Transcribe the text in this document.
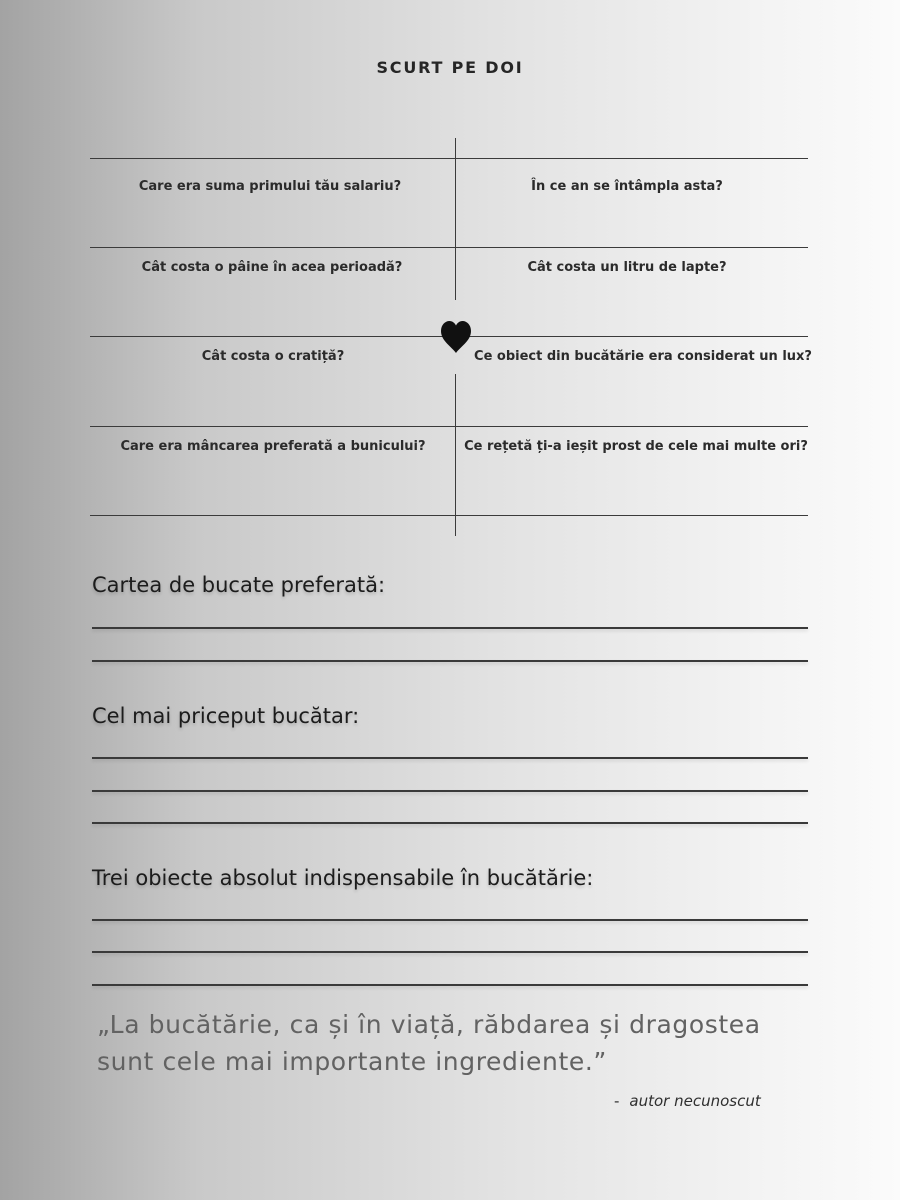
SCURT PE DOI
Care era suma primului tău salariu?	În ce an se întâmpla asta?
Cât costa o pâine în acea perioadă?	Cât costa un litru de lapte?
Cât costa o cratiță?	Ce obiect din bucătărie era considerat un lux?
Care era mâncarea preferată a bunicului?	Ce rețetă ți-a ieșit prost de cele mai multe ori?
Cartea de bucate preferată:
Cel mai priceput bucătar:
Trei obiecte absolut indispensabile în bucătărie:
„La bucătărie, ca și în viață, răbdarea și dragostea sunt cele mai importante ingrediente.”
- autor necunoscut
